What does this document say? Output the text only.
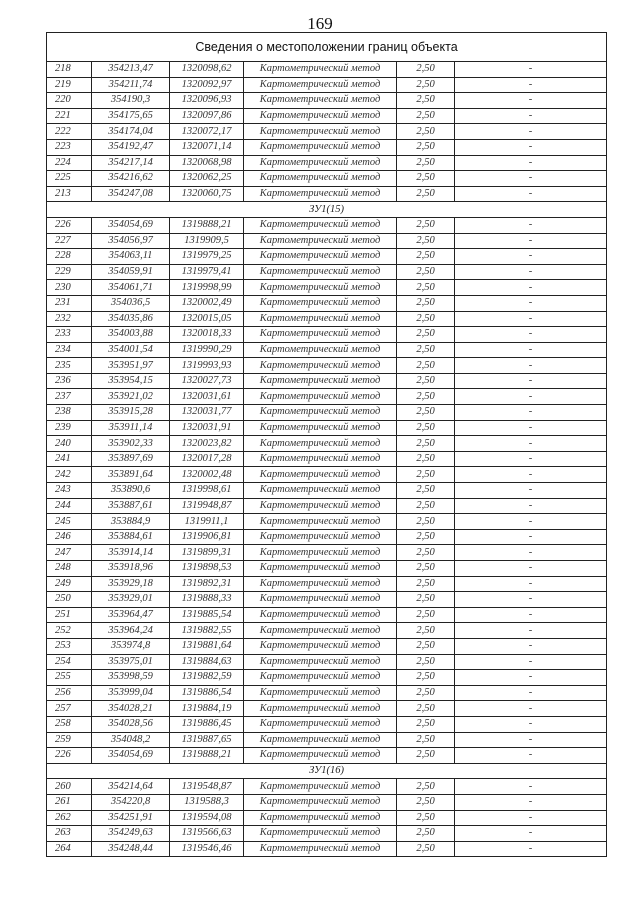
169
Сведения о местоположении границ объекта					
218	354213,47	1320098,62	Картометрический метод	2,50	-
219	354211,74	1320092,97	Картометрический метод	2,50	-
220	354190,3	1320096,93	Картометрический метод	2,50	-
221	354175,65	1320097,86	Картометрический метод	2,50	-
222	354174,04	1320072,17	Картометрический метод	2,50	-
223	354192,47	1320071,14	Картометрический метод	2,50	-
224	354217,14	1320068,98	Картометрический метод	2,50	-
225	354216,62	1320062,25	Картометрический метод	2,50	-
213	354247,08	1320060,75	Картометрический метод	2,50	-
ЗУ1(15)					
226	354054,69	1319888,21	Картометрический метод	2,50	-
227	354056,97	1319909,5	Картометрический метод	2,50	-
228	354063,11	1319979,25	Картометрический метод	2,50	-
229	354059,91	1319979,41	Картометрический метод	2,50	-
230	354061,71	1319998,99	Картометрический метод	2,50	-
231	354036,5	1320002,49	Картометрический метод	2,50	-
232	354035,86	1320015,05	Картометрический метод	2,50	-
233	354003,88	1320018,33	Картометрический метод	2,50	-
234	354001,54	1319990,29	Картометрический метод	2,50	-
235	353951,97	1319993,93	Картометрический метод	2,50	-
236	353954,15	1320027,73	Картометрический метод	2,50	-
237	353921,02	1320031,61	Картометрический метод	2,50	-
238	353915,28	1320031,77	Картометрический метод	2,50	-
239	353911,14	1320031,91	Картометрический метод	2,50	-
240	353902,33	1320023,82	Картометрический метод	2,50	-
241	353897,69	1320017,28	Картометрический метод	2,50	-
242	353891,64	1320002,48	Картометрический метод	2,50	-
243	353890,6	1319998,61	Картометрический метод	2,50	-
244	353887,61	1319948,87	Картометрический метод	2,50	-
245	353884,9	1319911,1	Картометрический метод	2,50	-
246	353884,61	1319906,81	Картометрический метод	2,50	-
247	353914,14	1319899,31	Картометрический метод	2,50	-
248	353918,96	1319898,53	Картометрический метод	2,50	-
249	353929,18	1319892,31	Картометрический метод	2,50	-
250	353929,01	1319888,33	Картометрический метод	2,50	-
251	353964,47	1319885,54	Картометрический метод	2,50	-
252	353964,24	1319882,55	Картометрический метод	2,50	-
253	353974,8	1319881,64	Картометрический метод	2,50	-
254	353975,01	1319884,63	Картометрический метод	2,50	-
255	353998,59	1319882,59	Картометрический метод	2,50	-
256	353999,04	1319886,54	Картометрический метод	2,50	-
257	354028,21	1319884,19	Картометрический метод	2,50	-
258	354028,56	1319886,45	Картометрический метод	2,50	-
259	354048,2	1319887,65	Картометрический метод	2,50	-
226	354054,69	1319888,21	Картометрический метод	2,50	-
ЗУ1(16)					
260	354214,64	1319548,87	Картометрический метод	2,50	-
261	354220,8	1319588,3	Картометрический метод	2,50	-
262	354251,91	1319594,08	Картометрический метод	2,50	-
263	354249,63	1319566,63	Картометрический метод	2,50	-
264	354248,44	1319546,46	Картометрический метод	2,50	-
